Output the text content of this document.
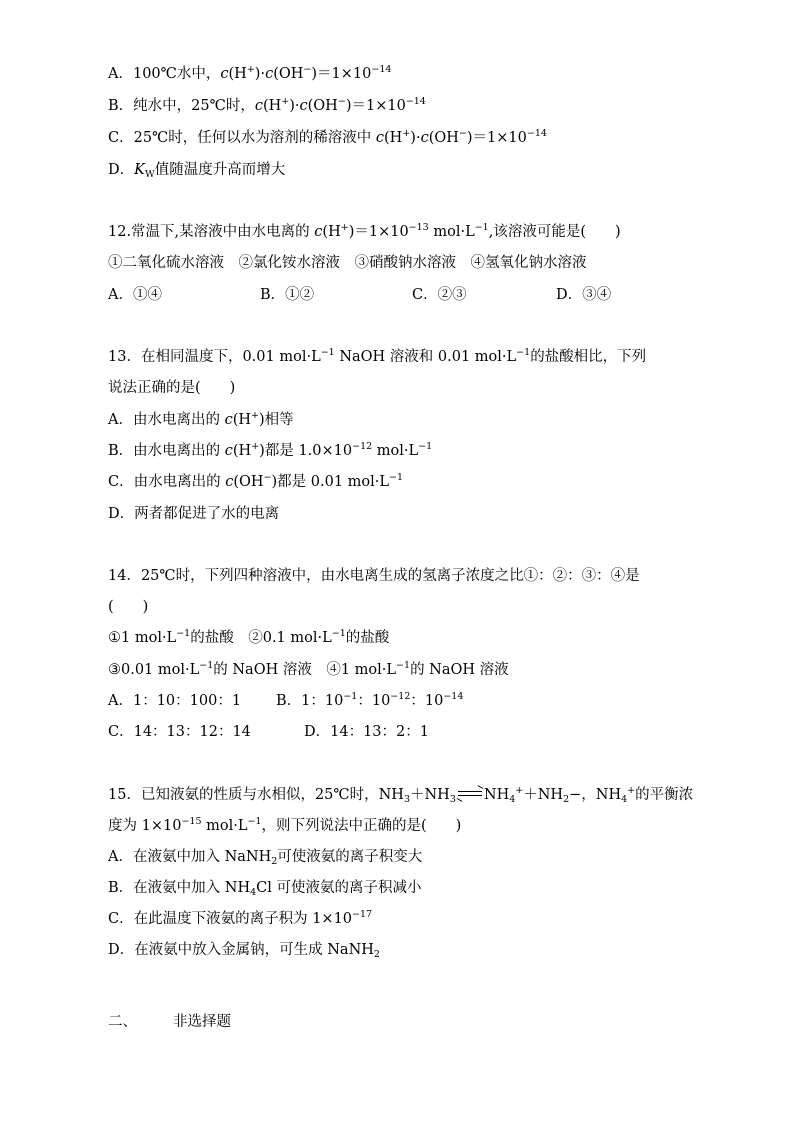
A．100℃水中，$c(H^+)\cdot c(OH^-)=1\times 10^{-14}$
B．纯水中，25℃时，$c(H^+)\cdot c(OH^-)=1\times 10^{-14}$
C．25℃时，任何以水为溶剂的稀溶液中 $c(H^+)\cdot c(OH^-)=1\times 10^{-14}$
D．$K_W$值随温度升高而增大
12.常温下,某溶液中由水电离的 $c(H^+)=1\times 10^{-13}$ $mol\cdot L^{-1}$,该溶液可能是(　　)
①二氧化硫水溶液　②氯化铵水溶液　③硝酸钠水溶液　④氢氧化钠水溶液
A．①④	B．①②	C．②③	D．③④
13．在相同温度下，0.01 $mol\cdot L^{-1}$ NaOH 溶液和 0.01 $mol\cdot L^{-1}$的盐酸相比，下列
说法正确的是(　　)
A．由水电离出的 c(H+)相等
B．由水电离出的 c(H+)都是 $1.0\times 10^{-12}$ $mol\cdot L^{-1}$
C．由水电离出的 c(OH−)都是 0.01 $mol\cdot L^{-1}$
D．两者都促进了水的电离
14．25℃时，下列四种溶液中，由水电离生成的氢离子浓度之比①：②：③：④是
(　　)
①1 $mol\cdot L^{-1}$的盐酸　②0.1 $mol\cdot L^{-1}$的盐酸
③0.01 $mol\cdot L^{-1}$的 NaOH 溶液　④1 $mol\cdot L^{-1}$的 NaOH 溶液
A．1：10：100：1 B．1：$10^{-1}$：$10^{-12}$：$10^{-14}$
C．14：13：12：14	D．14：13：2：1
15．已知液氨的性质与水相似，25℃时，$NH_3+NH_3$ $NH_4^++NH_2-$，$NH_4^+$的平衡浓
度为 $1\times 10^{-15}$ $mol\cdot L^{-1}$，则下列说法中正确的是(　　)
A．在液氨中加入 NaNH$_2$可使液氨的离子积变大
B．在液氨中加入 $NH_4Cl$ 可使液氨的离子积减小
C．在此温度下液氨的离子积为 $1\times 10^{-17}$
D．在液氨中放入金属钠，可生成 NaNH$_2$
二、 非选择题
